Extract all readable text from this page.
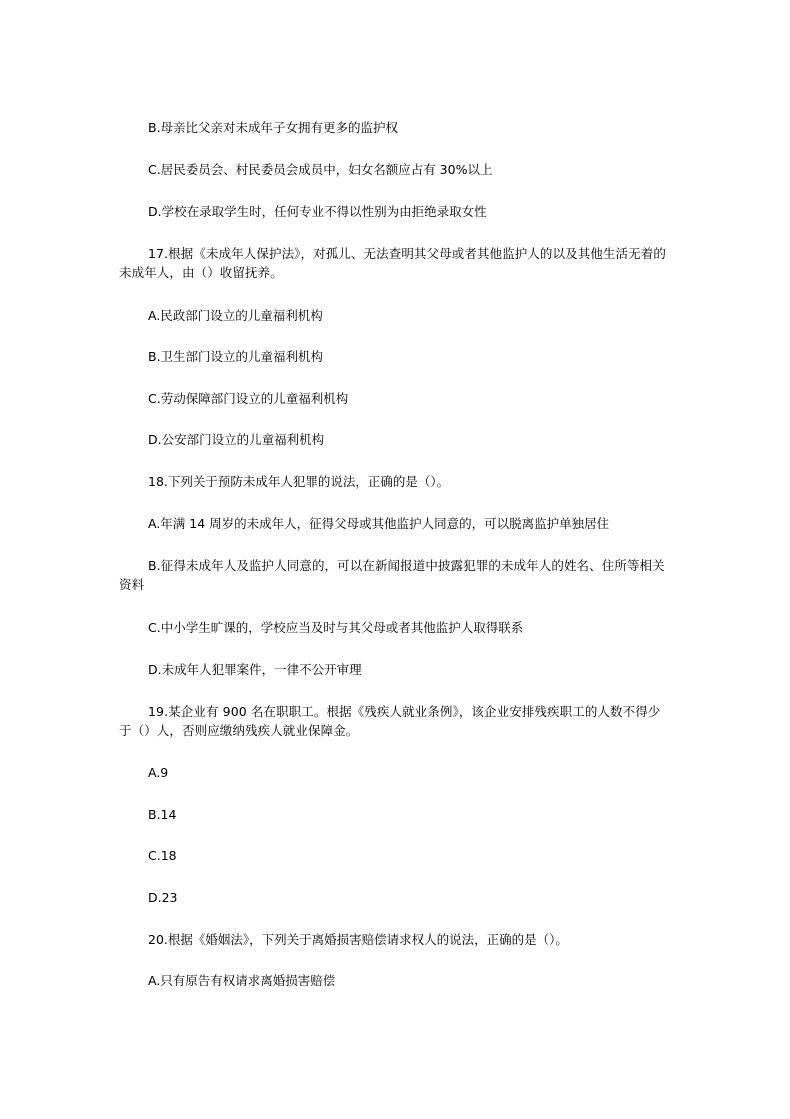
B.母亲比父亲对未成年子女拥有更多的监护权
C.居民委员会、村民委员会成员中，妇女名额应占有 30%以上
D.学校在录取学生时，任何专业不得以性别为由拒绝录取女性
17.根据《未成年人保护法》，对孤儿、无法查明其父母或者其他监护人的以及其他生活无着的未成年人，由（）收留抚养。
A.民政部门设立的儿童福利机构
B.卫生部门设立的儿童福利机构
C.劳动保障部门设立的儿童福利机构
D.公安部门设立的儿童福利机构
18.下列关于预防未成年人犯罪的说法，正确的是（）。
A.年满 14 周岁的未成年人，征得父母或其他监护人同意的，可以脱离监护单独居住
B.征得未成年人及监护人同意的，可以在新闻报道中披露犯罪的未成年人的姓名、住所等相关资料
C.中小学生旷课的，学校应当及时与其父母或者其他监护人取得联系
D.未成年人犯罪案件，一律不公开审理
19.某企业有 900 名在职职工。根据《残疾人就业条例》，该企业安排残疾职工的人数不得少于（）人，否则应缴纳残疾人就业保障金。
A.9
B.14
C.18
D.23
20.根据《婚姻法》，下列关于离婚损害赔偿请求权人的说法，正确的是（）。
A.只有原告有权请求离婚损害赔偿
